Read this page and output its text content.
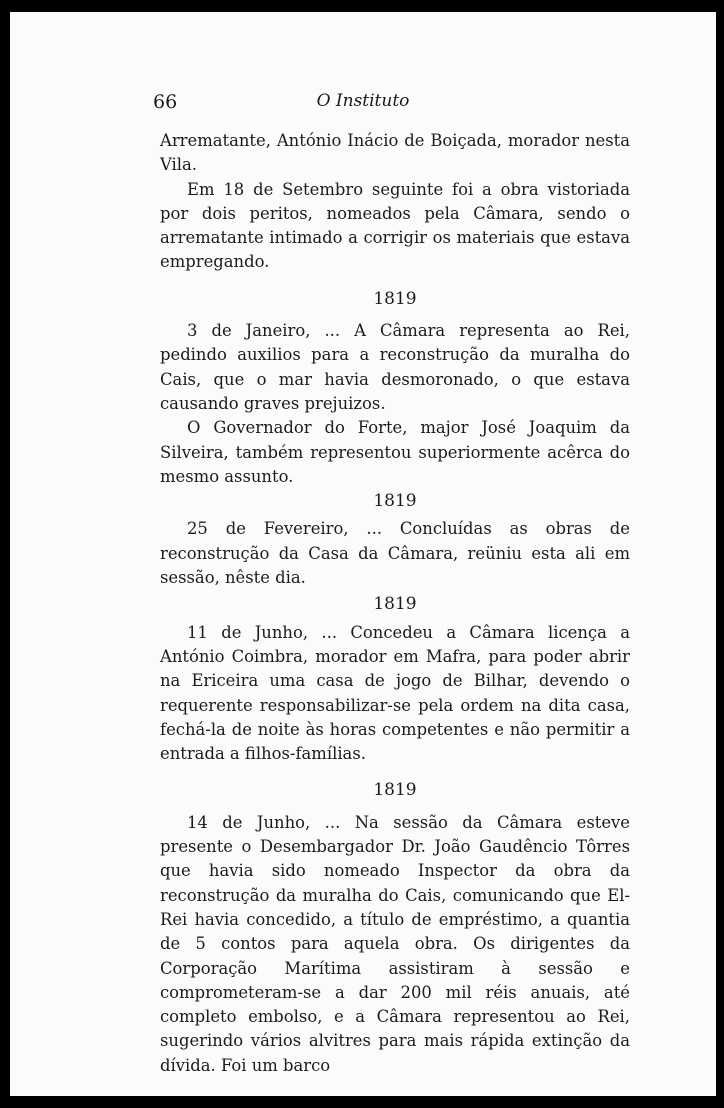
66	O Instituto

Arrematante, António Inácio de Boiçada, morador nesta Vila.

Em 18 de Setembro seguinte foi a obra vistoriada por dois peritos, nomeados pela Câmara, sendo o arrematante intimado a corrigir os materiais que estava empregando.

1819

3 de Janeiro, ... A Câmara representa ao Rei, pedindo auxilios para a reconstrução da muralha do Cais, que o mar havia desmoronado, o que estava causando graves prejuizos.

O Governador do Forte, major José Joaquim da Silveira, também representou superiormente acêrca do mesmo assunto.

1819

25 de Fevereiro, ... Concluídas as obras de reconstrução da Casa da Câmara, reüniu esta ali em sessão, nêste dia.

1819

11 de Junho, ... Concedeu a Câmara licença a António Coimbra, morador em Mafra, para poder abrir na Ericeira uma casa de jogo de Bilhar, devendo o requerente responsabilizar-se pela ordem na dita casa, fechá-la de noite às horas competentes e não permitir a entrada a filhos-famílias.

1819

14 de Junho, ... Na sessão da Câmara esteve presente o Desembargador Dr. João Gaudêncio Tôrres que havia sido nomeado Inspector da obra da reconstrução da muralha do Cais, comunicando que El-Rei havia concedido, a título de empréstimo, a quantia de 5 contos para aquela obra. Os dirigentes da Corporação Marítima assistiram à sessão e comprometeram-se a dar 200 mil réis anuais, até completo embolso, e a Câmara representou ao Rei, sugerindo vários alvitres para mais rápida extinção da dívida. Foi um barco
